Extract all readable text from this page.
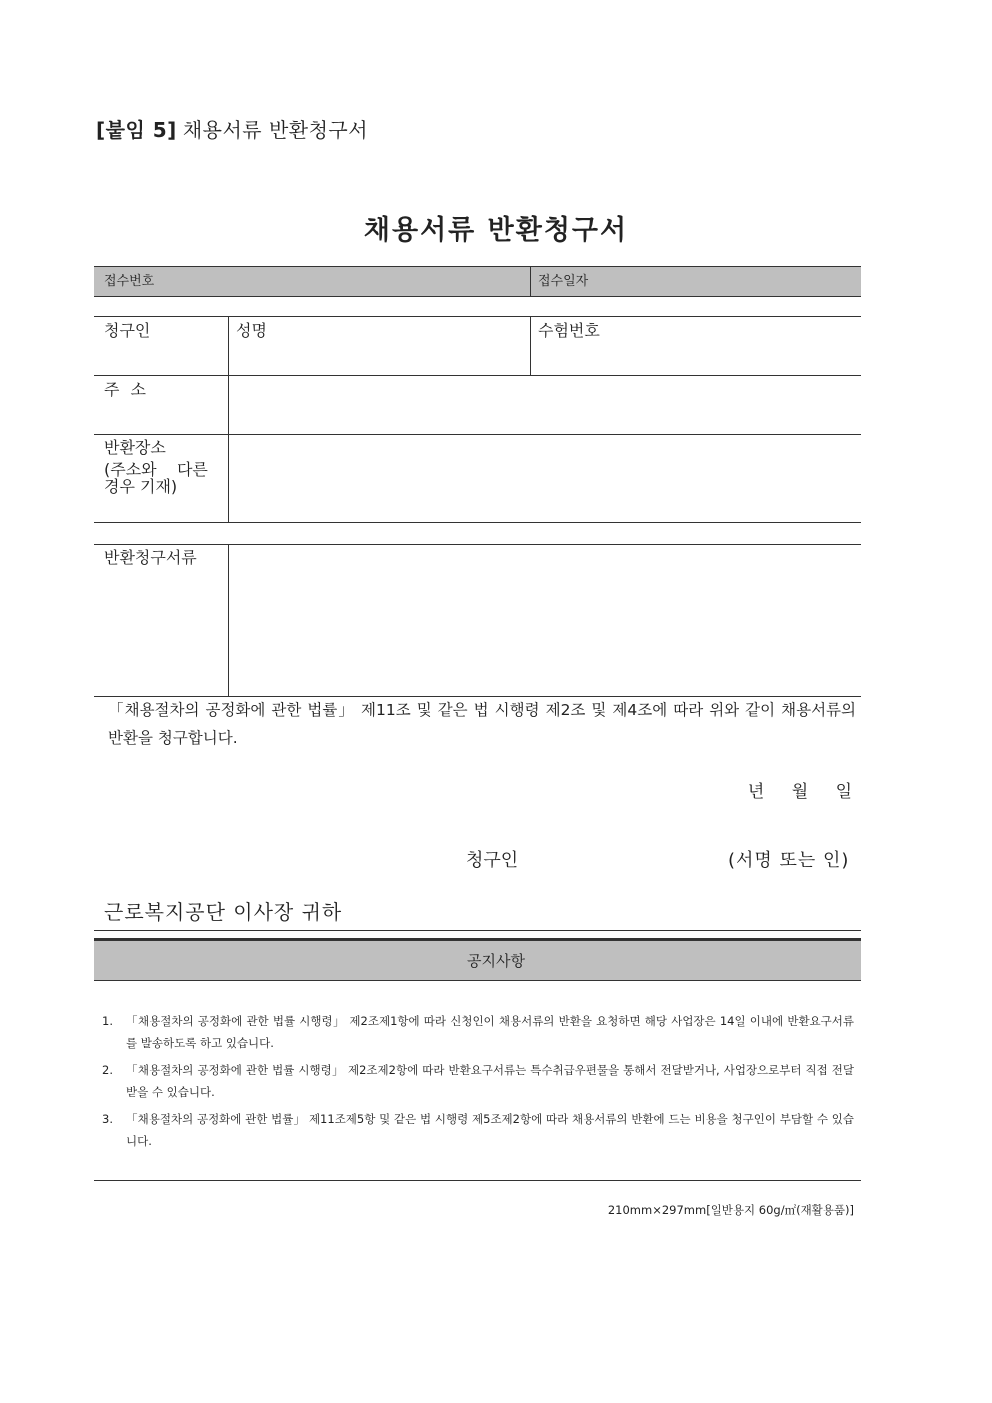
[붙임 5] 채용서류 반환청구서
채용서류 반환청구서
접수번호	접수일자
청구인	성명	수험번호
주 소
반환장소
(주소와    다른
경우 기재)
반환청구서류
「채용절차의 공정화에 관한 법률」 제11조 및 같은 법 시행령 제2조 및 제4조에 따라 위와 같이 채용서류의 반환을 청구합니다.
년 월 일
청구인	(서명 또는 인)
근로복지공단 이사장 귀하
공지사항
1. 「채용절차의 공정화에 관한 법률 시행령」 제2조제1항에 따라 신청인이 채용서류의 반환을 요청하면 해당 사업장은 14일 이내에 반환요구서류를 발송하도록 하고 있습니다.
2. 「채용절차의 공정화에 관한 법률 시행령」 제2조제2항에 따라 반환요구서류는 특수취급우편물을 통해서 전달받거나, 사업장으로부터 직접 전달받을 수 있습니다.
3. 「채용절차의 공정화에 관한 법률」 제11조제5항 및 같은 법 시행령 제5조제2항에 따라 채용서류의 반환에 드는 비용을 청구인이 부담할 수 있습니다.
210mm×297mm[일반용지 60g/㎡(재활용품)]
